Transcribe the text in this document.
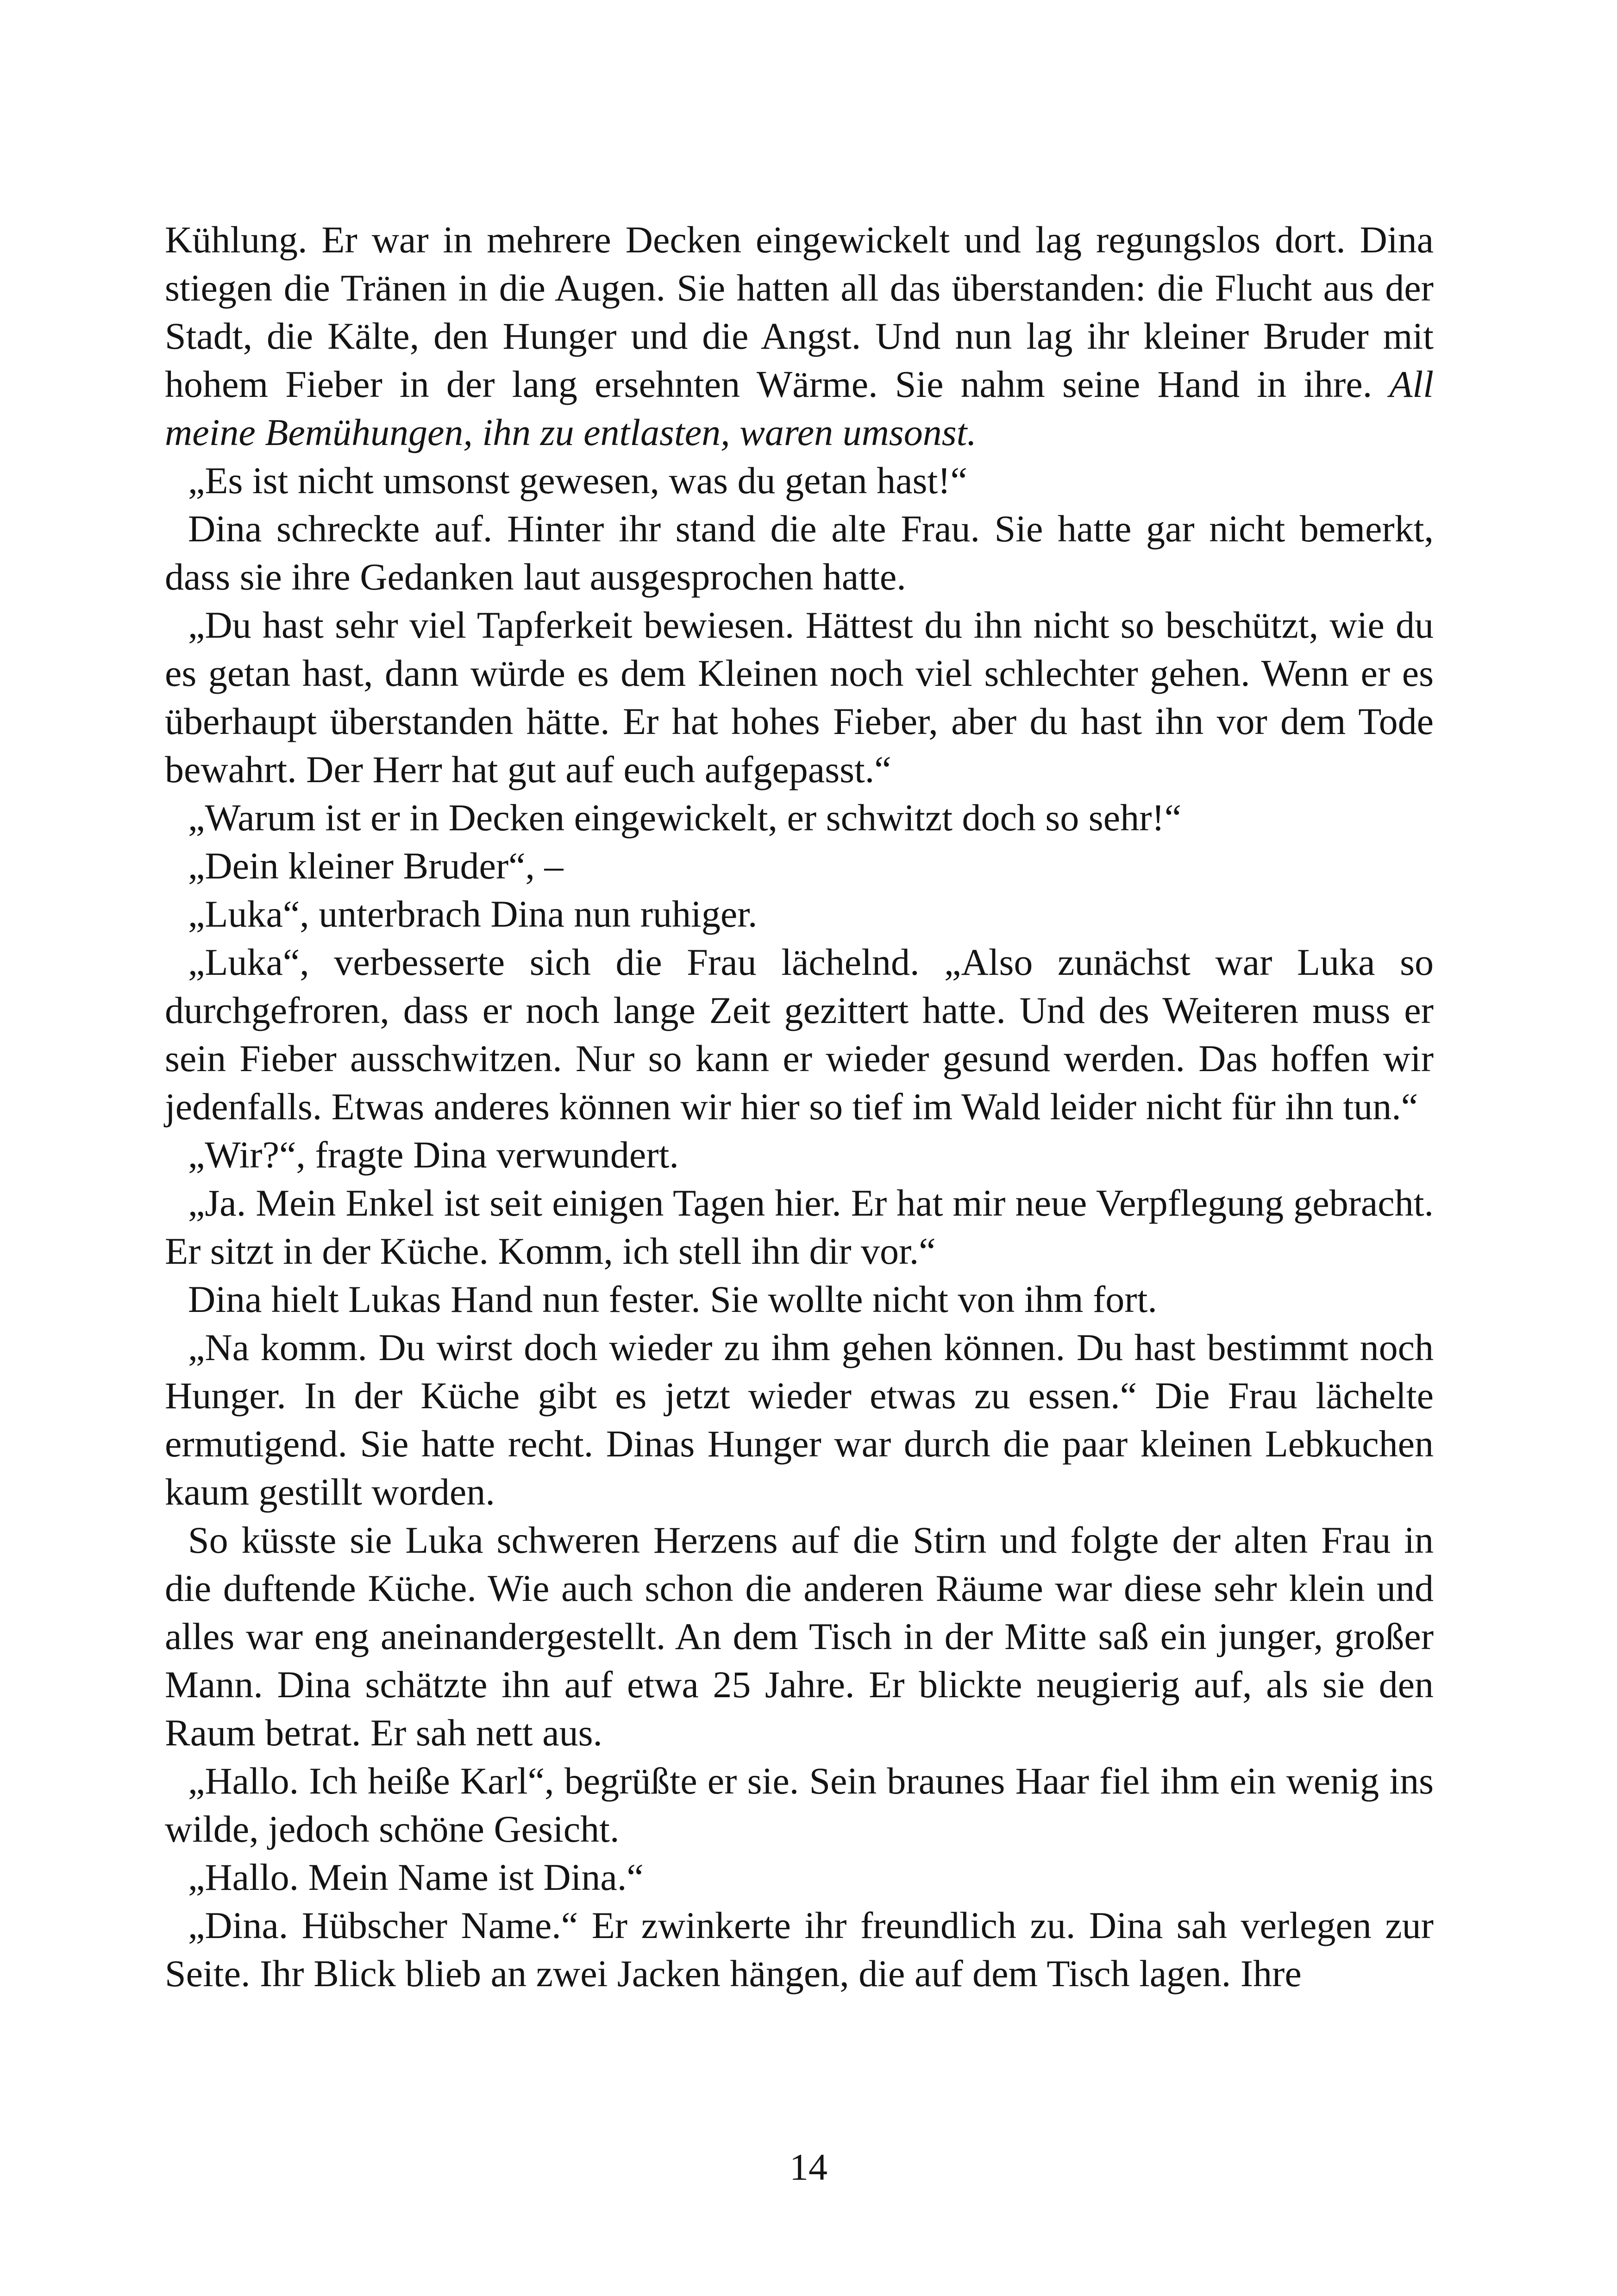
Kühlung. Er war in mehrere Decken eingewickelt und lag regungslos dort. Dina stiegen die Tränen in die Augen. Sie hatten all das überstanden: die Flucht aus der Stadt, die Kälte, den Hunger und die Angst. Und nun lag ihr kleiner Bruder mit hohem Fieber in der lang ersehnten Wärme. Sie nahm seine Hand in ihre. All meine Bemühungen, ihn zu entlasten, waren umsonst.

„Es ist nicht umsonst gewesen, was du getan hast!“

Dina schreckte auf. Hinter ihr stand die alte Frau. Sie hatte gar nicht bemerkt, dass sie ihre Gedanken laut ausgesprochen hatte.

„Du hast sehr viel Tapferkeit bewiesen. Hättest du ihn nicht so beschützt, wie du es getan hast, dann würde es dem Kleinen noch viel schlechter gehen. Wenn er es überhaupt überstanden hätte. Er hat hohes Fieber, aber du hast ihn vor dem Tode bewahrt. Der Herr hat gut auf euch aufgepasst.“

„Warum ist er in Decken eingewickelt, er schwitzt doch so sehr!“

„Dein kleiner Bruder“, –

„Luka“, unterbrach Dina nun ruhiger.

„Luka“, verbesserte sich die Frau lächelnd. „Also zunächst war Luka so durchgefroren, dass er noch lange Zeit gezittert hatte. Und des Weiteren muss er sein Fieber ausschwitzen. Nur so kann er wieder gesund werden. Das hoffen wir jedenfalls. Etwas anderes können wir hier so tief im Wald leider nicht für ihn tun.“

„Wir?“, fragte Dina verwundert.

„Ja. Mein Enkel ist seit einigen Tagen hier. Er hat mir neue Verpflegung gebracht. Er sitzt in der Küche. Komm, ich stell ihn dir vor.“

Dina hielt Lukas Hand nun fester. Sie wollte nicht von ihm fort.

„Na komm. Du wirst doch wieder zu ihm gehen können. Du hast bestimmt noch Hunger. In der Küche gibt es jetzt wieder etwas zu essen.“ Die Frau lächelte ermutigend. Sie hatte recht. Dinas Hunger war durch die paar kleinen Lebkuchen kaum gestillt worden.

So küsste sie Luka schweren Herzens auf die Stirn und folgte der alten Frau in die duftende Küche. Wie auch schon die anderen Räume war diese sehr klein und alles war eng aneinandergestellt. An dem Tisch in der Mitte saß ein junger, großer Mann. Dina schätzte ihn auf etwa 25 Jahre. Er blickte neugierig auf, als sie den Raum betrat. Er sah nett aus.

„Hallo. Ich heiße Karl“, begrüßte er sie. Sein braunes Haar fiel ihm ein wenig ins wilde, jedoch schöne Gesicht.

„Hallo. Mein Name ist Dina.“

„Dina. Hübscher Name.“ Er zwinkerte ihr freundlich zu. Dina sah verlegen zur Seite. Ihr Blick blieb an zwei Jacken hängen, die auf dem Tisch lagen. Ihre

14
